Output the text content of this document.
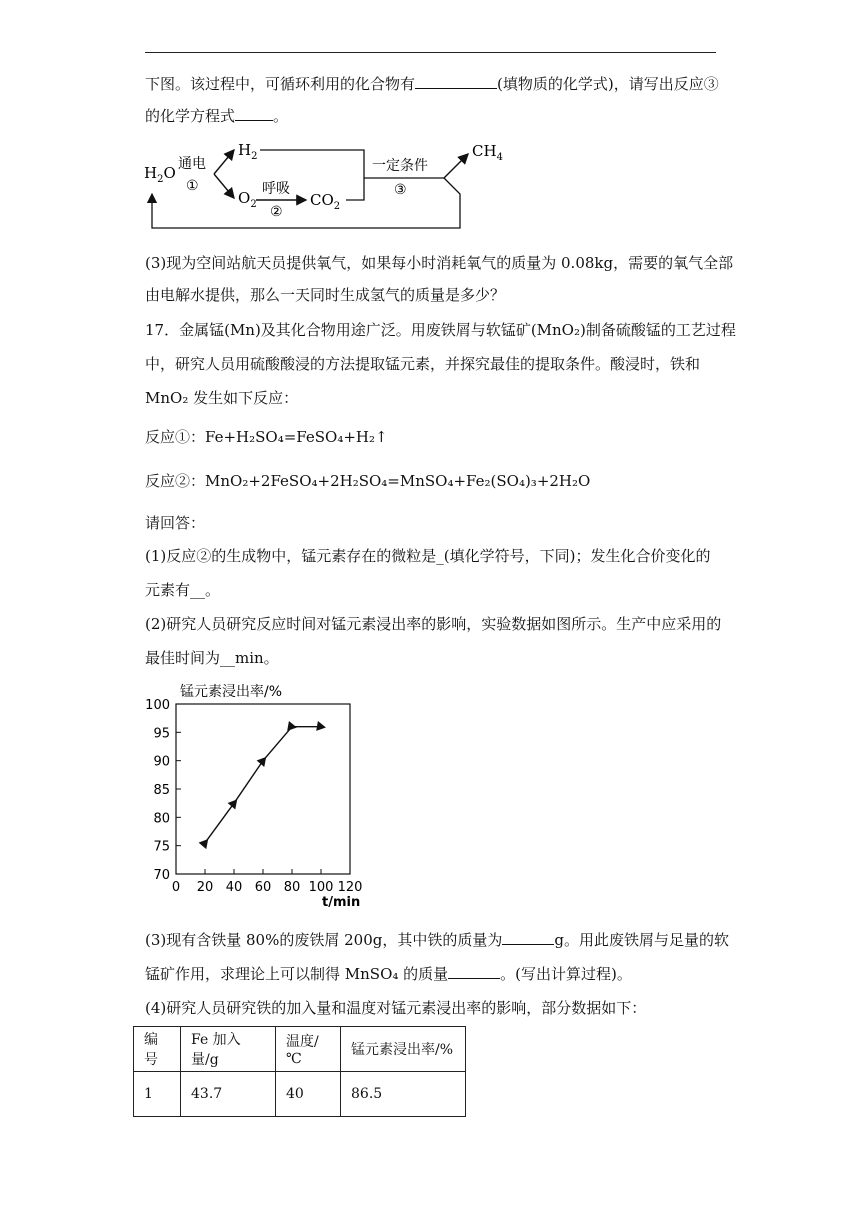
下图。该过程中，可循环利用的化合物有	(填物质的化学式)，请写出反应③
的化学方程式	。
$H_2O$ 通电
①
$H_2$
$O_2$
呼吸
②
$CO_2$
一定条件
③
$CH_4$
(3)现为空间站航天员提供氧气，如果每小时消耗氧气的质量为 0.08kg，需要的氧气全部
由电解水提供，那么一天同时生成氢气的质量是多少？
17．金属锰(Mn)及其化合物用途广泛。用废铁屑与软锰矿(MnO₂)制备硫酸锰的工艺过程
中，研究人员用硫酸酸浸的方法提取锰元素，并探究最佳的提取条件。酸浸时，铁和
MnO₂ 发生如下反应：
反应①：Fe+H₂SO₄=FeSO₄+H₂↑
反应②：MnO₂+2FeSO₄+2H₂SO₄=MnSO₄+Fe₂(SO₄)₃+2H₂O
请回答：
(1)反应②的生成物中，锰元素存在的微粒是_(填化学符号，下同)；发生化合价变化的
元素有__。
(2)研究人员研究反应时间对锰元素浸出率的影响，实验数据如图所示。生产中应采用的
最佳时间为__min。
锰元素浸出率/%
70
75
80
85
90
95
100
0 20 40 60 80 100 120
t/min
(3)现有含铁量 80%的废铁屑 200g，其中铁的质量为	g。用此废铁屑与足量的软
锰矿作用，求理论上可以制得 MnSO₄ 的质量	。(写出计算过程)。
(4)研究人员研究铁的加入量和温度对锰元素浸出率的影响，部分数据如下：
编号	Fe 加入量/g	温度/℃	锰元素浸出率/%
1	43.7	40	86.5
